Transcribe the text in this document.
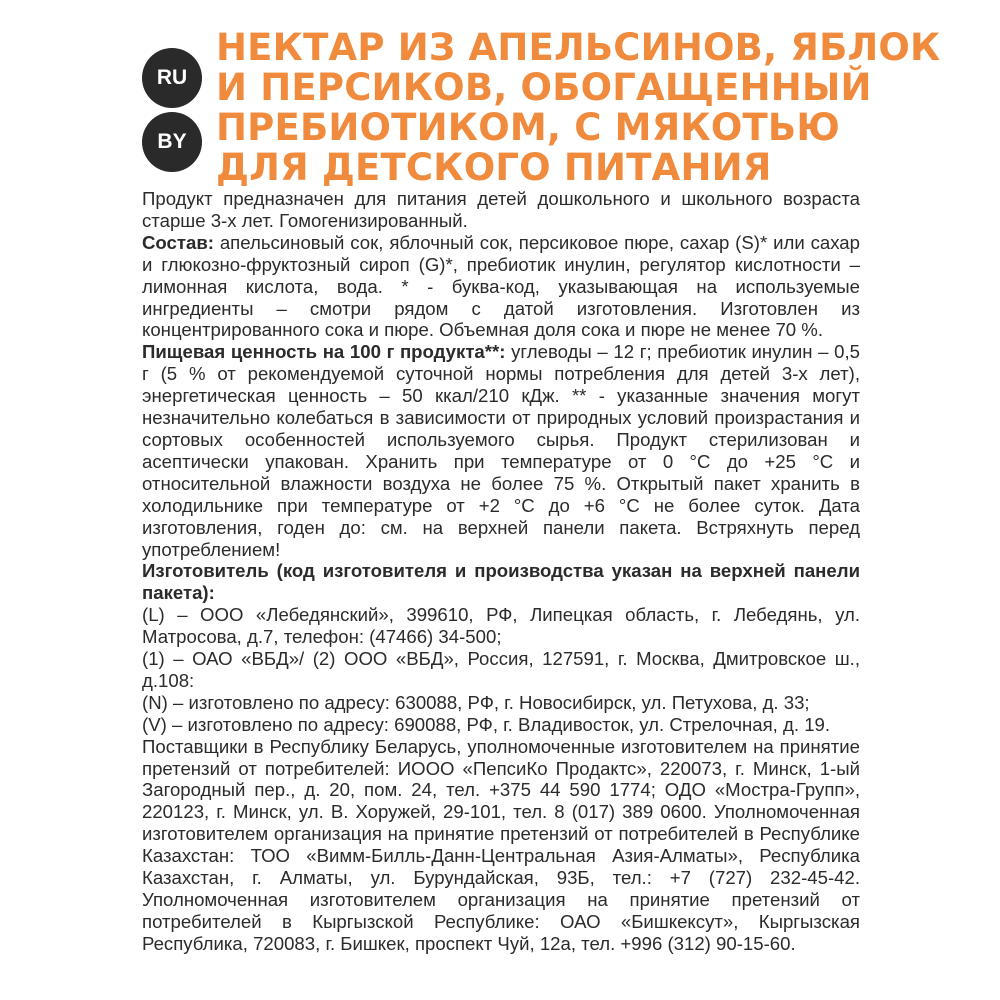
RU
BY
НЕКТАР ИЗ АПЕЛЬСИНОВ, ЯБЛОК
И ПЕРСИКОВ, ОБОГАЩЕННЫЙ
ПРЕБИОТИКОМ, С МЯКОТЬЮ
ДЛЯ ДЕТСКОГО ПИТАНИЯ

Продукт предназначен для питания детей дошкольного и школьного возраста старше 3-х лет. Гомогенизированный.

Состав: апельсиновый сок, яблочный сок, персиковое пюре, сахар (S)* или сахар и глюкозно-фруктозный сироп (G)*, пребиотик инулин, регулятор кислотности – лимонная кислота, вода. * - буква-код, указывающая на используемые ингредиенты – смотри рядом с датой изготовления. Изготовлен из концентрированного сока и пюре. Объемная доля сока и пюре не менее 70 %.

Пищевая ценность на 100 г продукта**: углеводы – 12 г; пребиотик инулин – 0,5 г (5 % от рекомендуемой суточной нормы потребления для детей 3-х лет), энергетическая ценность – 50 ккал/210 кДж. ** - указанные значения могут незначительно колебаться в зависимости от природных условий произрастания и сортовых особенностей используемого сырья. Продукт стерилизован и асептически упакован. Хранить при температуре от 0 °С до +25 °С и относительной влажности воздуха не более 75 %. Открытый пакет хранить в холодильнике при температуре от +2 °С до +6 °С не более суток. Дата изготовления, годен до: см. на верхней панели пакета. Встряхнуть перед употреблением!

Изготовитель (код изготовителя и производства указан на верхней панели пакета):

(L) – ООО «Лебедянский», 399610, РФ, Липецкая область, г. Лебедянь, ул. Матросова, д.7, телефон: (47466) 34-500;

(1) – ОАО «ВБД»/ (2) ООО «ВБД», Россия, 127591, г. Москва, Дмитровское ш., д.108:

(N) – изготовлено по адресу: 630088, РФ, г. Новосибирск, ул. Петухова, д. 33;

(V) – изготовлено по адресу: 690088, РФ, г. Владивосток, ул. Стрелочная, д. 19.

Поставщики в Республику Беларусь, уполномоченные изготовителем на принятие претензий от потребителей: ИООО «ПепсиКо Продактс», 220073, г. Минск, 1-ый Загородный пер., д. 20, пом. 24, тел. +375 44 590 1774; ОДО «Мостра-Групп», 220123, г. Минск, ул. В. Хоружей, 29-101, тел. 8 (017) 389 0600. Уполномоченная изготовителем организация на принятие претензий от потребителей в Республике Казахстан: ТОО «Вимм-Билль-Данн-Центральная Азия-Алматы», Республика Казахстан, г. Алматы, ул. Бурундайская, 93Б, тел.: +7 (727) 232-45-42. Уполномоченная изготовителем организация на принятие претензий от потребителей в Кыргызской Республике: ОАО «Бишкексут», Кыргызская Республика, 720083, г. Бишкек, проспект Чуй, 12а, тел. +996 (312) 90-15-60.
